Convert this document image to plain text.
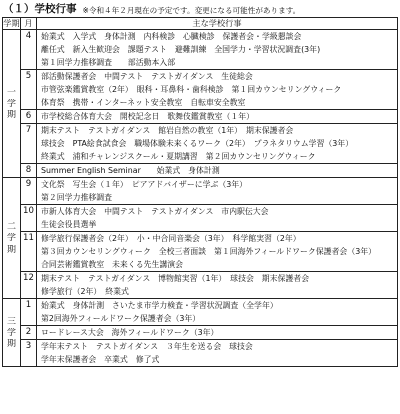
（１）学校行事 ※令和４年２月現在の予定です。変更になる可能性があります。
学期	月	主な学校行事

一
学
期	4	始業式　入学式　身体計測　内科検診　心臓検診　保護者会・学級懇談会
離任式　新入生歓迎会　課題テスト　避難訓練　全国学力・学習状況調査(3年)
第１回学力推移調査　　部活動本入部

	5	部活動保護者会　中間テスト　テストガイダンス　生徒総会
市管弦楽鑑賞教室（2年）　眼科・耳鼻科・歯科検診　第１回カウンセリングウィーク
体育祭　携帯・インターネット安全教室　自転車安全教室

	6	市学校総合体育大会　開校記念日　歌舞伎鑑賞教室（１年）

	7	期末テスト　テストガイダンス　館岩自然の教室（1年）　期末保護者会
球技会　PTA絵食試食会　職場体験未来くるワーク（2年）　プラネタリウム学習（3年）
終業式　浦和チャレンジスクール・夏期講習　第２回カウンセリングウィーク

	8	Summer English Seminar　　始業式　身体計測

二
学
期	9	文化祭　写生会（１年）　ピアアドバイザーに学ぶ（3年）
第２回学力推移調査

	10	市新人体育大会　中間テスト　テストガイダンス　市内駅伝大会
生徒会役員選挙

	11	修学旅行保護者会（2年）　小・中合同音楽会（3年）　科学館実習（2年）
第３回カウンセリングウィーク　全校三者面談　第１回海外フィールドワーク保護者会（3年）
合同芸術鑑賞教室　未来くる先生講演会

	12	期末テスト　テストガイダンス　博物館実習（1年）　球技会　期末保護者会
修学旅行（2年）　終業式

三
学
期	1	始業式　身体計測　さいたま市学力検査・学習状況調査（全学年）
第2回海外フィールドワーク保護者会（3年）

	2	ロードレース大会　海外フィールドワーク（3年）

	3	学年末テスト　テストガイダンス　３年生を送る会　球技会
学年末保護者会　卒業式　修了式
